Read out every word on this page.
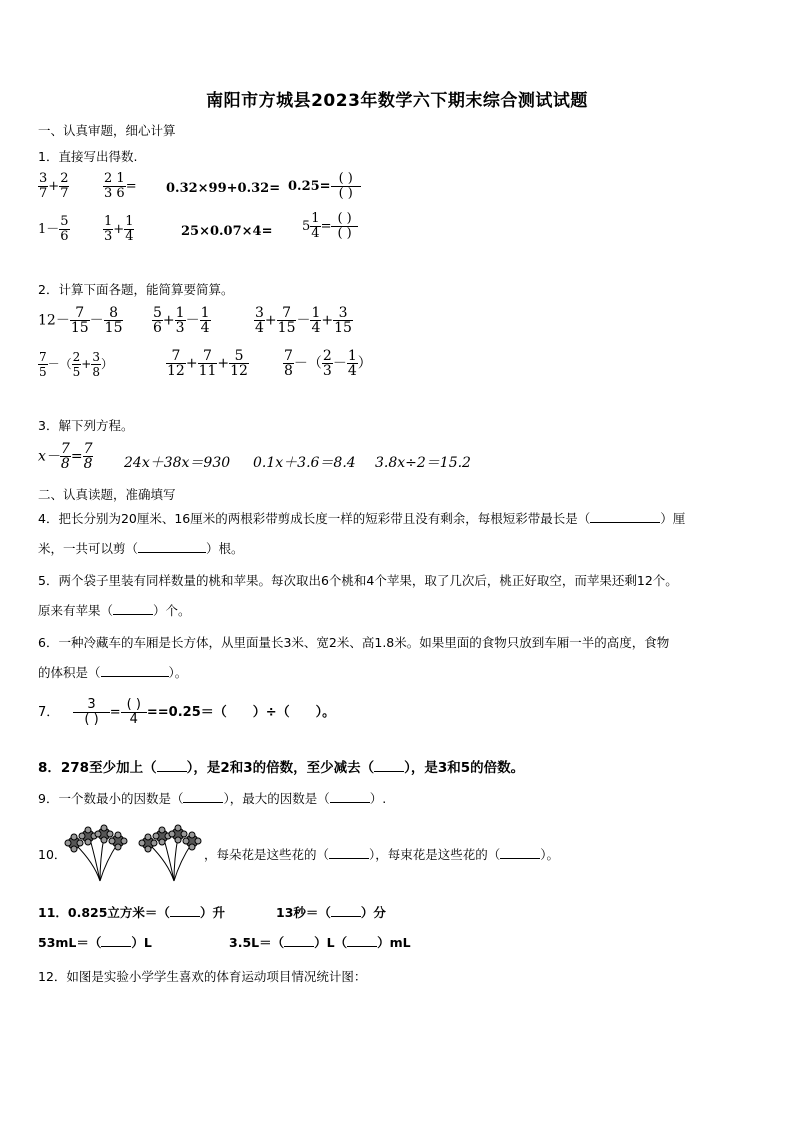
南阳市方城县2023年数学六下期末综合测试试题
一、认真审题，细心计算
1．直接写出得数.
$\frac{3}{7} + \frac{2}{7}$	$\frac{2 1}{3 6} = 0.32\times 99+0.32= 0.25=$
( )
( )
$1- \frac{5}{6}$	$\frac{1}{3} + \frac{1}{4}$	$25\times 0.07\times 4= 5 \frac{1}{4}$ =
( )
( )
2．计算下面各题，能简算要简算。
$12- \frac{7}{15} - \frac{8}{15} \frac{5}{6} + \frac{1}{3} - \frac{1}{4}$	$\frac{3}{4} + \frac{7}{15} - \frac{1}{4} + \frac{3}{15}$
$\frac{7}{5}$ －（ $\frac{2}{5} + \frac{3}{8}$ ）	$\frac{7}{12} + \frac{7}{11} + \frac{5}{12} \frac{7}{8}$ －（ $\frac{2}{3} - \frac{1}{4}$ ）
3．解下列方程。
$x- \frac{7}{8} = \frac{7}{8} 24x+38x=930$ 0.1x＋3.6＝8.4 3.8x÷2＝15.2
二、认真读题，准确填写
4．把长分别为20厘米、16厘米的两根彩带剪成长度一样的短彩带且没有剩余，每根短彩带最长是（	）厘
米，一共可以剪（	）根。
5．两个袋子里装有同样数量的桃和苹果。每次取出6个桃和4个苹果，取了几次后，桃正好取空，而苹果还剩12个。
原来有苹果（	）个。
6．一种冷藏车的车厢是长方体，从里面量长3米、宽2米、高1.8米。如果里面的食物只放到车厢一半的高度，食物
的体积是（	）。
7．
3
( ) =
( )
4 ==0.25＝（　　）÷（　　）。
8．278至少加上（ ），是2和3的倍数，至少减去（ ），是3和5的倍数。
9．一个数最小的因数是（	），最大的因数是（	）.
10．	，每朵花是这些花的（	），每束花是这些花的（	）。
11．0.825立方米＝（ ）升	13秒＝（ ）分
53mL＝（ ）L	3.5L＝（ ）L（ ）mL
12．如图是实验小学学生喜欢的体育运动项目情况统计图：
